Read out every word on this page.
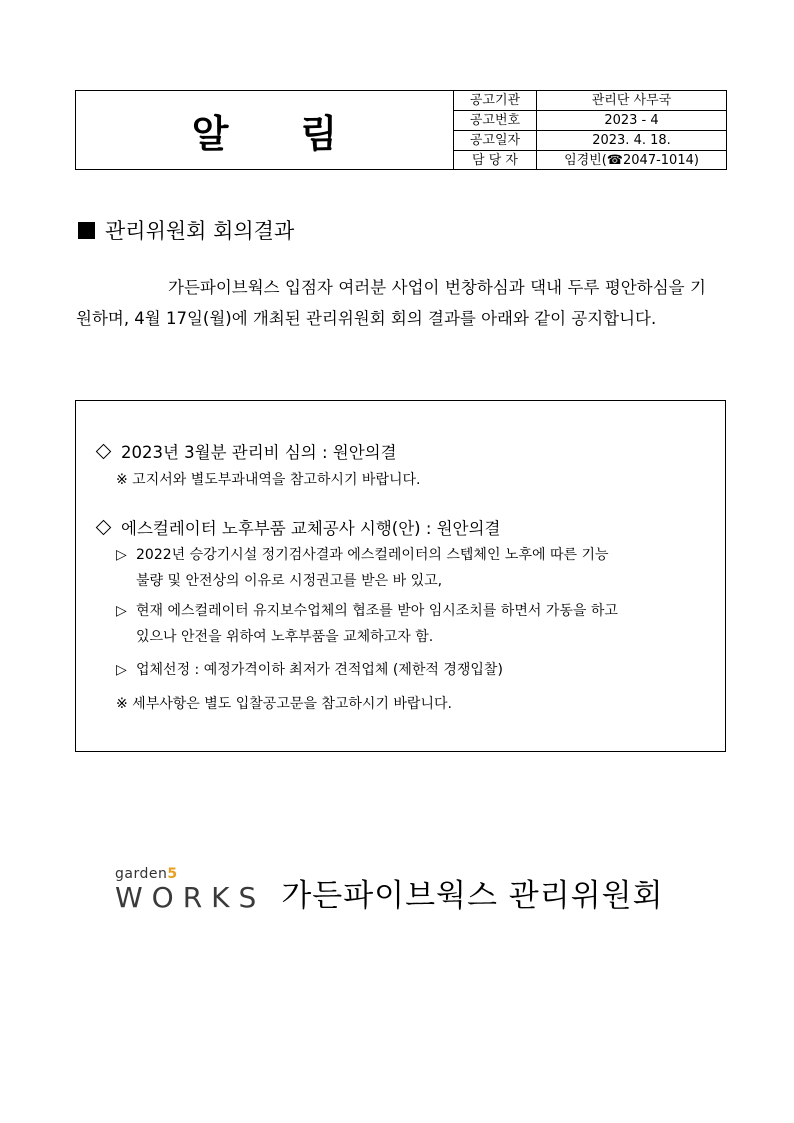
알림
공고기관	관리단 사무국
공고번호	2023 - 4
공고일자	2023. 4. 18.
담 당 자	임경빈(☎2047-1014)
관리위원회 회의결과

가든파이브웍스 입점자 여러분 사업이 번창하심과 댁내 두루 평안하심을 기원하며, 4월 17일(월)에 개최된 관리위원회 회의 결과를 아래와 같이 공지합니다.

2023년 3월분 관리비 심의 : 원안의결
※ 고지서와 별도부과내역을 참고하시기 바랍니다.
에스컬레이터 노후부품 교체공사 시행(안) : 원안의결
▷ 2022년 승강기시설 정기검사결과 에스컬레이터의 스텝체인 노후에 따른 기능
불량 및 안전상의 이유로 시정권고를 받은 바 있고,
▷ 현재 에스컬레이터 유지보수업체의 협조를 받아 임시조치를 하면서 가동을 하고
있으나 안전을 위하여 노후부품을 교체하고자 함.
▷ 업체선정 : 예정가격이하 최저가 견적업체 (제한적 경쟁입찰)
※ 세부사항은 별도 입찰공고문을 참고하시기 바랍니다.
garden5
WORKS 가든파이브웍스 관리위원회
